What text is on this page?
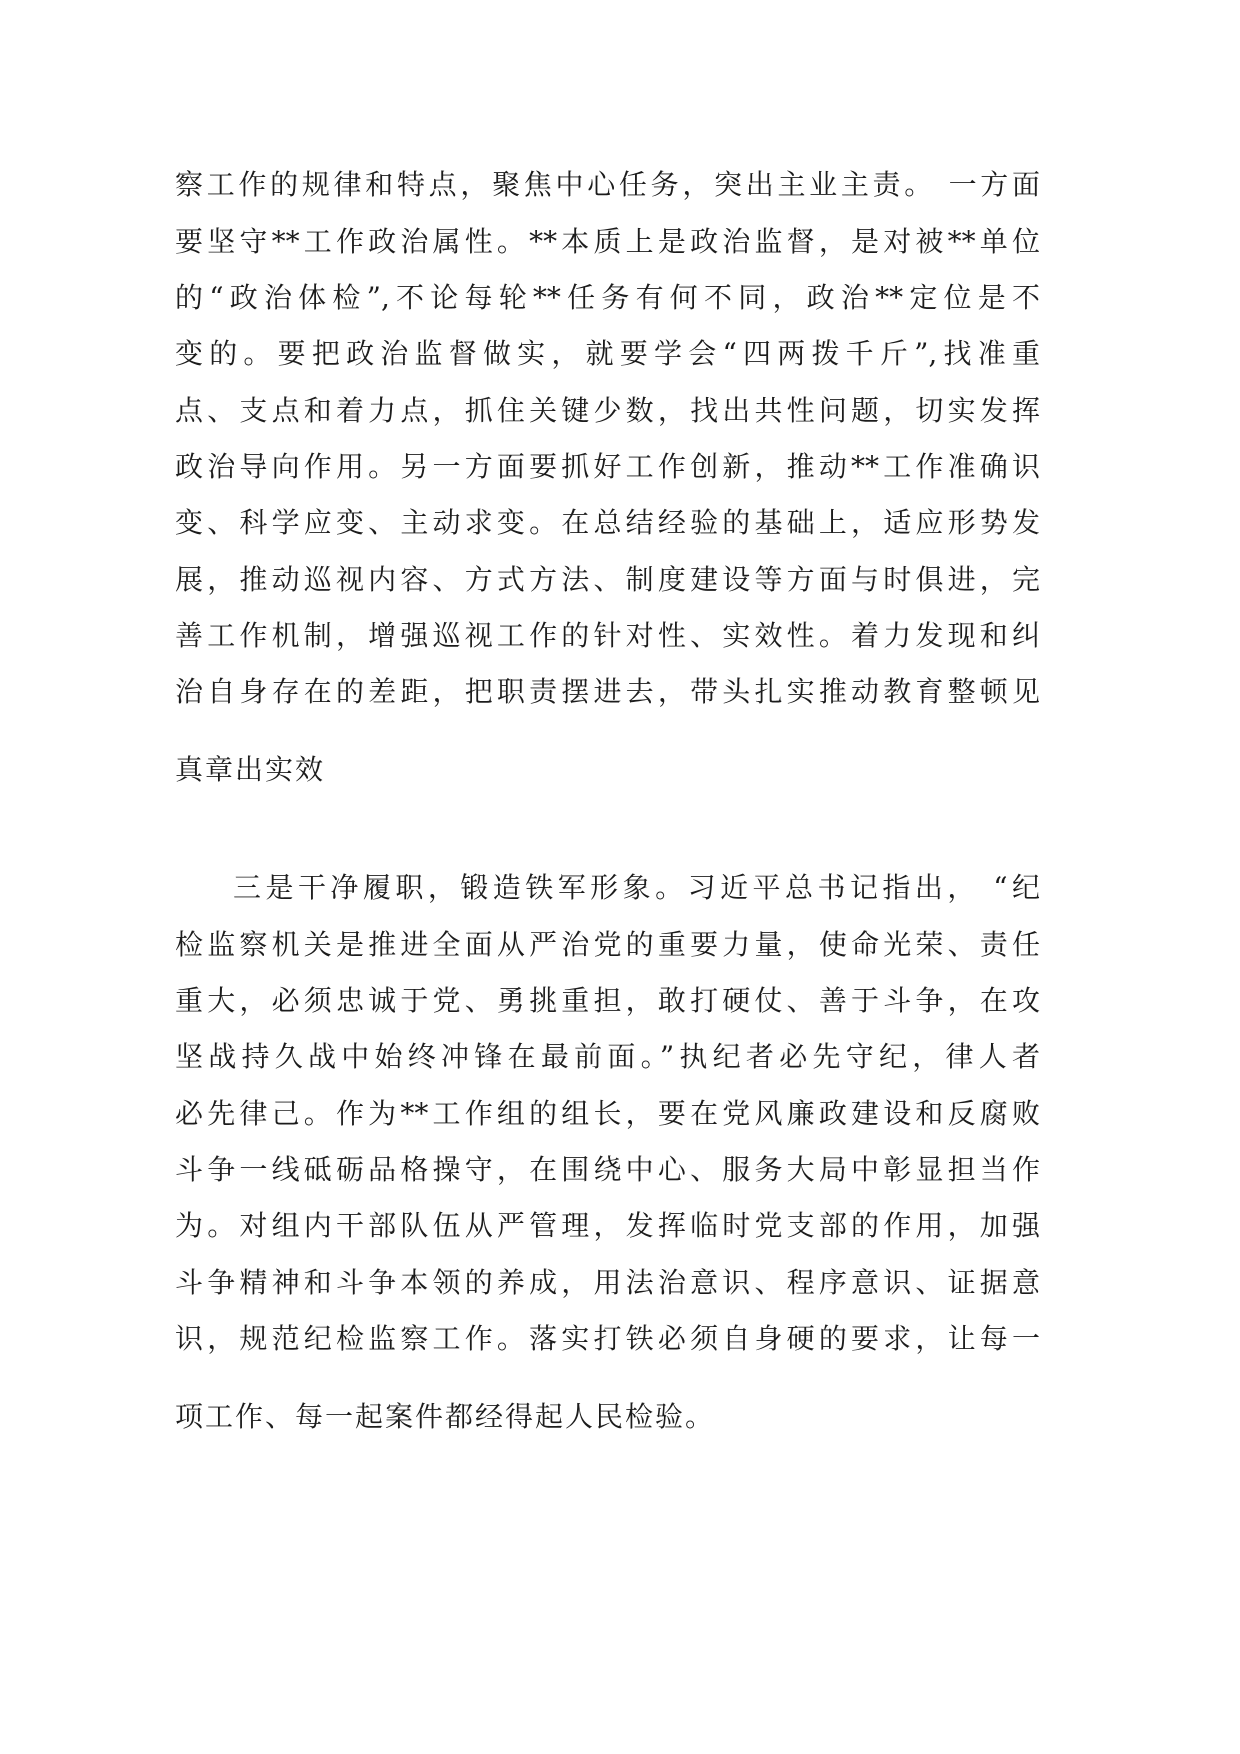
察工作的规律和特点，聚焦中心任务，突出主业主责。 一方面
要坚守**工作政治属性。**本质上是政治监督，是对被**单位
的“政治体检”,不论每轮**任务有何不同，政治**定位是不
变的。要把政治监督做实，就要学会“四两拨千斤”,找准重
点、支点和着力点，抓住关键少数，找出共性问题，切实发挥
政治导向作用。另一方面要抓好工作创新，推动**工作准确识
变、科学应变、主动求变。在总结经验的基础上，适应形势发
展，推动巡视内容、方式方法、制度建设等方面与时俱进，完
善工作机制，增强巡视工作的针对性、实效性。着力发现和纠
治自身存在的差距，把职责摆进去，带头扎实推动教育整顿见
真章出实效
三是干净履职，锻造铁军形象。习近平总书记指出， “纪
检监察机关是推进全面从严治党的重要力量，使命光荣、责任
重大，必须忠诚于党、勇挑重担，敢打硬仗、善于斗争，在攻
坚战持久战中始终冲锋在最前面。”执纪者必先守纪，律人者
必先律己。作为**工作组的组长，要在党风廉政建设和反腐败
斗争一线砥砺品格操守，在围绕中心、服务大局中彰显担当作
为。对组内干部队伍从严管理，发挥临时党支部的作用，加强
斗争精神和斗争本领的养成，用法治意识、程序意识、证据意
识，规范纪检监察工作。落实打铁必须自身硬的要求，让每一
项工作、每一起案件都经得起人民检验。
